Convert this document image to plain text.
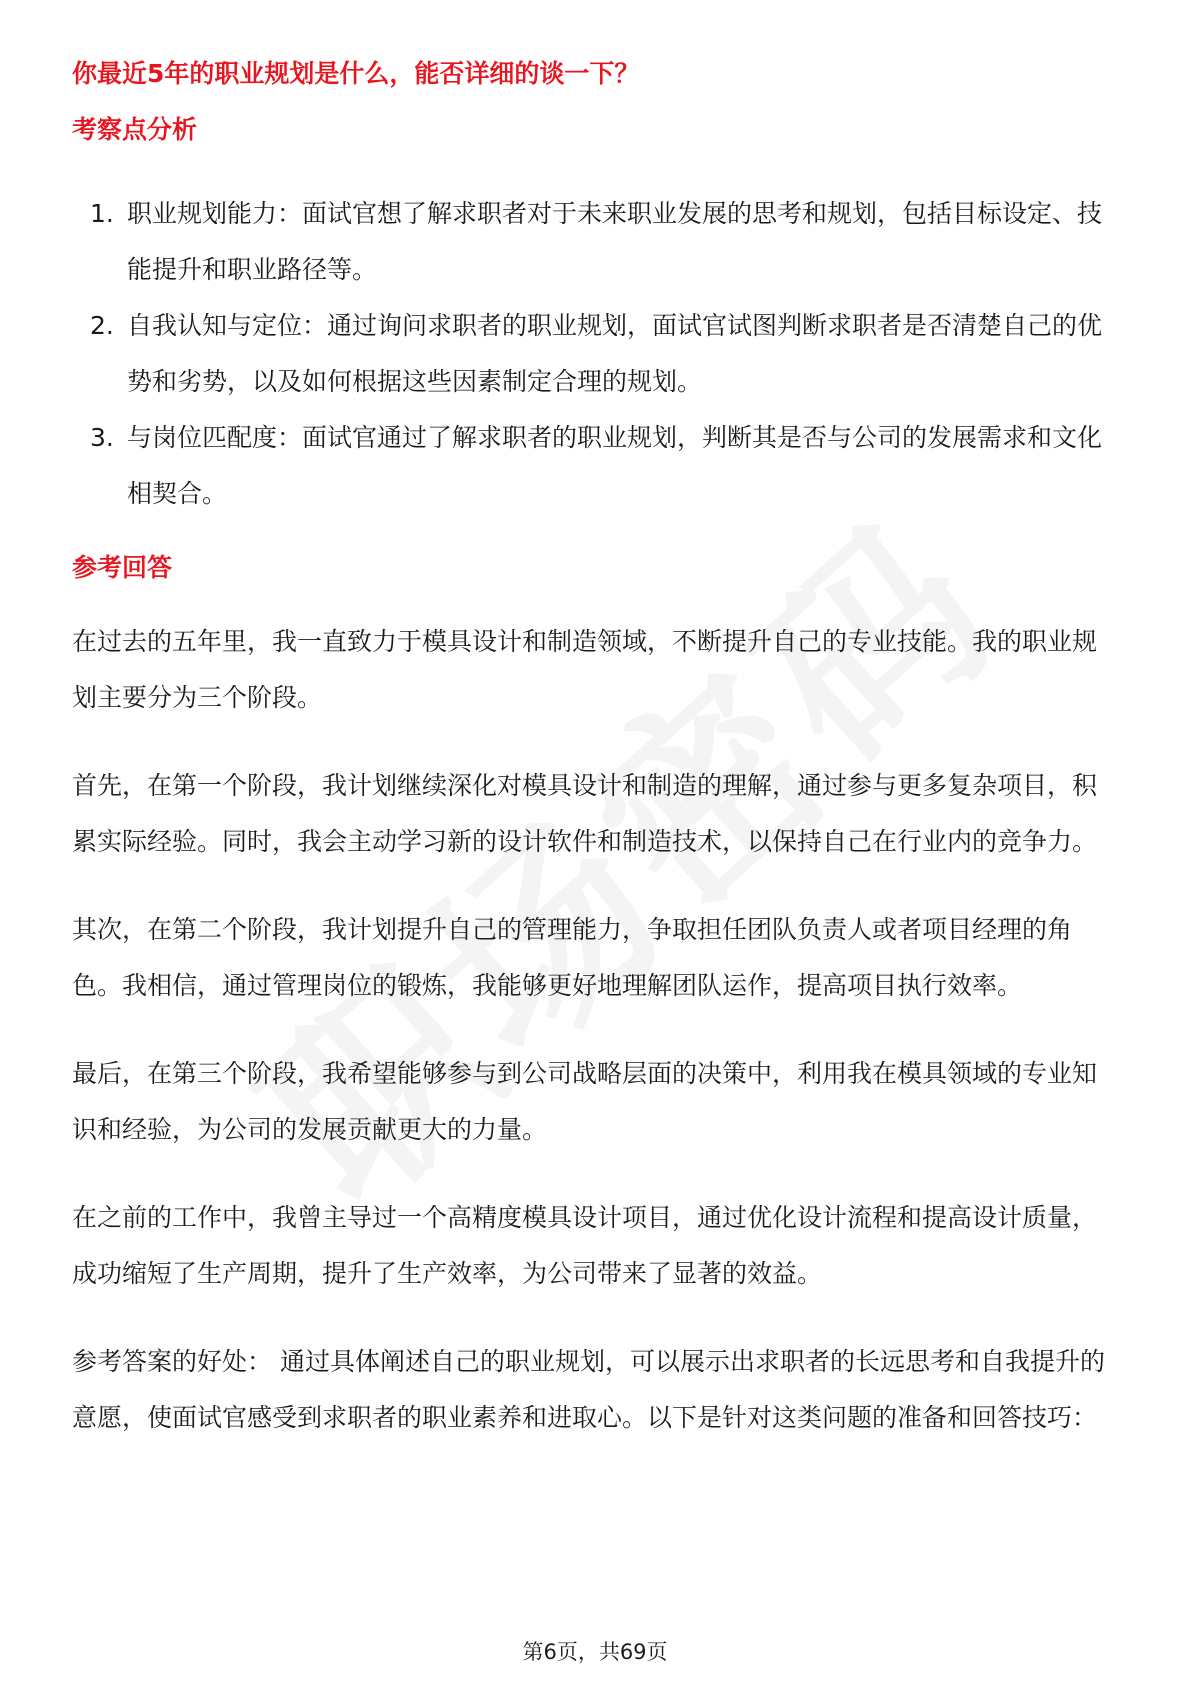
你最近5年的职业规划是什么，能否详细的谈一下？

考察点分析

1. 职业规划能力：面试官想了解求职者对于未来职业发展的思考和规划，包括目标设定、技能提升和职业路径等。
2. 自我认知与定位：通过询问求职者的职业规划，面试官试图判断求职者是否清楚自己的优势和劣势，以及如何根据这些因素制定合理的规划。
3. 与岗位匹配度：面试官通过了解求职者的职业规划，判断其是否与公司的发展需求和文化相契合。

参考回答

在过去的五年里，我一直致力于模具设计和制造领域，不断提升自己的专业技能。我的职业规划主要分为三个阶段。

首先，在第一个阶段，我计划继续深化对模具设计和制造的理解，通过参与更多复杂项目，积累实际经验。同时，我会主动学习新的设计软件和制造技术，以保持自己在行业内的竞争力。

其次，在第二个阶段，我计划提升自己的管理能力，争取担任团队负责人或者项目经理的角色。我相信，通过管理岗位的锻炼，我能够更好地理解团队运作，提高项目执行效率。

最后，在第三个阶段，我希望能够参与到公司战略层面的决策中，利用我在模具领域的专业知识和经验，为公司的发展贡献更大的力量。

在之前的工作中，我曾主导过一个高精度模具设计项目，通过优化设计流程和提高设计质量，成功缩短了生产周期，提升了生产效率，为公司带来了显著的效益。

参考答案的好处： 通过具体阐述自己的职业规划，可以展示出求职者的长远思考和自我提升的意愿，使面试官感受到求职者的职业素养和进取心。以下是针对这类问题的准备和回答技巧：

第6页，共69页
